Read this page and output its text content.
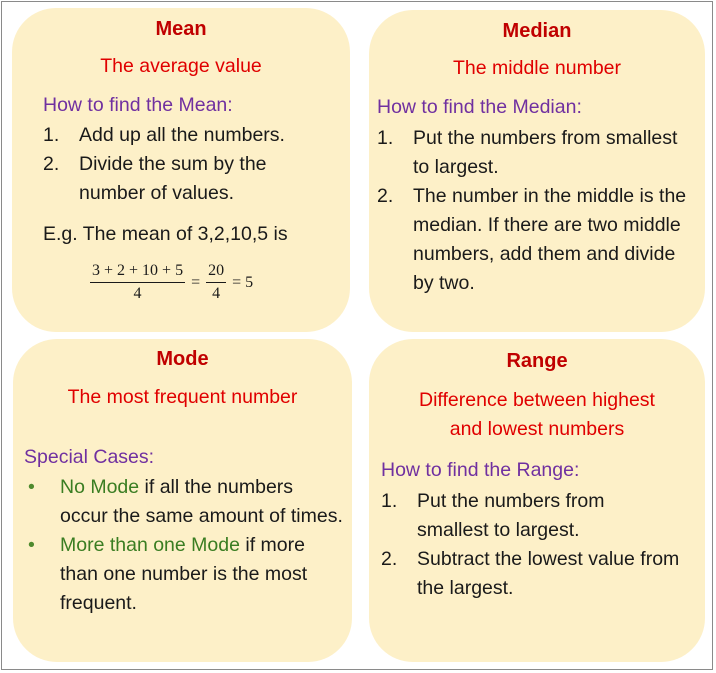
Mean
The average value
How to find the Mean:
1. Add up all the numbers.
2. Divide the sum by the number of values.
E.g. The mean of 3,2,10,5 is
$\frac{3 + 2 + 10 + 5}{4} = \frac{20}{4} = 5$
Median
The middle number
How to find the Median:
1. Put the numbers from smallest to largest.
2. The number in the middle is the median. If there are two middle numbers, add them and divide by two.
Mode
The most frequent number
Special Cases:
• No Mode if all the numbers occur the same amount of times.
• More than one Mode if more than one number is the most frequent.
Range
Difference between highest
and lowest numbers
How to find the Range:
1. Put the numbers from smallest to largest.
2. Subtract the lowest value from the largest.
